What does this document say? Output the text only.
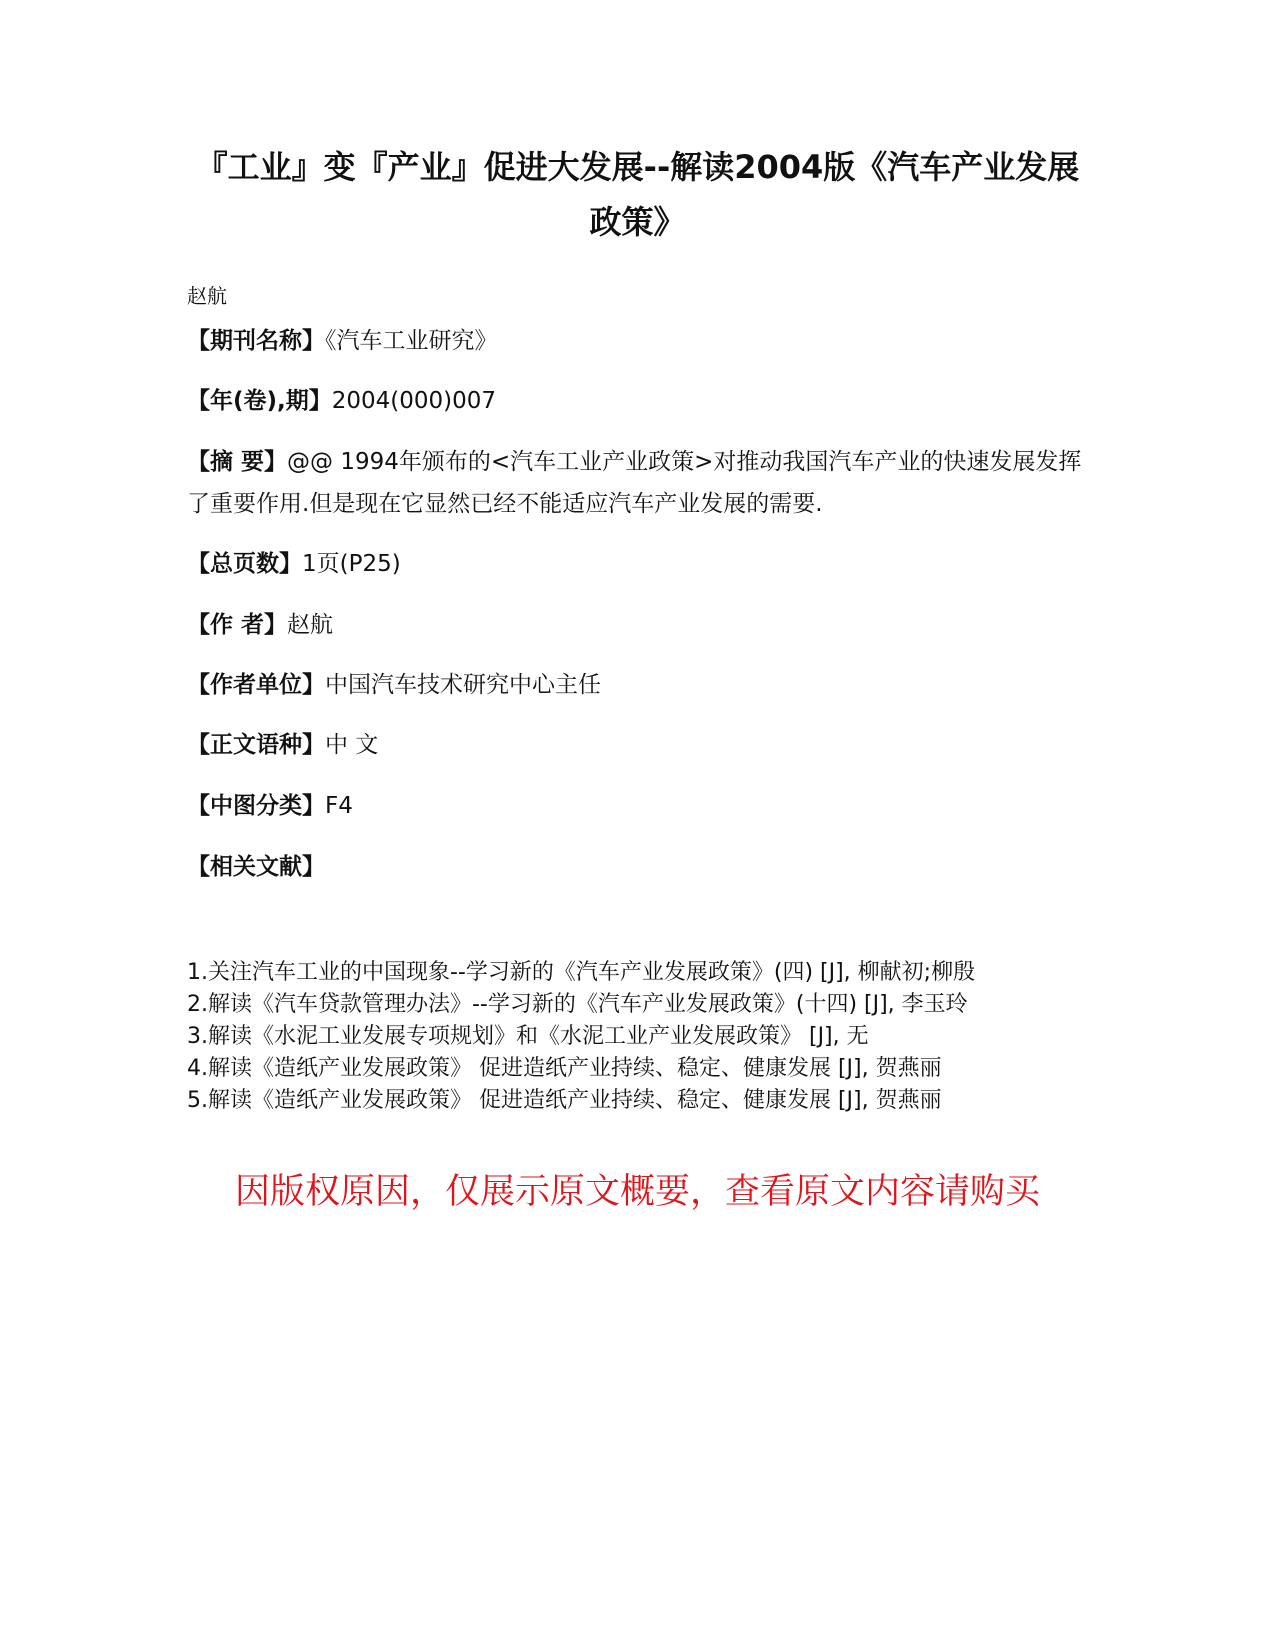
『工业』变『产业』促进大发展--解读2004版《汽车产业发展政策》
赵航
【期刊名称】《汽车工业研究》
【年(卷),期】2004(000)007
【摘 要】@@ 1994年颁布的<汽车工业产业政策>对推动我国汽车产业的快速发展发挥了重要作用.但是现在它显然已经不能适应汽车产业发展的需要.
【总页数】1页(P25)
【作 者】赵航
【作者单位】中国汽车技术研究中心主任
【正文语种】中 文
【中图分类】F4
【相关文献】
1.关注汽车工业的中国现象--学习新的《汽车产业发展政策》(四) [J], 柳献初;柳殷
2.解读《汽车贷款管理办法》--学习新的《汽车产业发展政策》(十四) [J], 李玉玲
3.解读《水泥工业发展专项规划》和《水泥工业产业发展政策》 [J], 无
4.解读《造纸产业发展政策》 促进造纸产业持续、稳定、健康发展 [J], 贺燕丽
5.解读《造纸产业发展政策》 促进造纸产业持续、稳定、健康发展 [J], 贺燕丽
因版权原因，仅展示原文概要，查看原文内容请购买
